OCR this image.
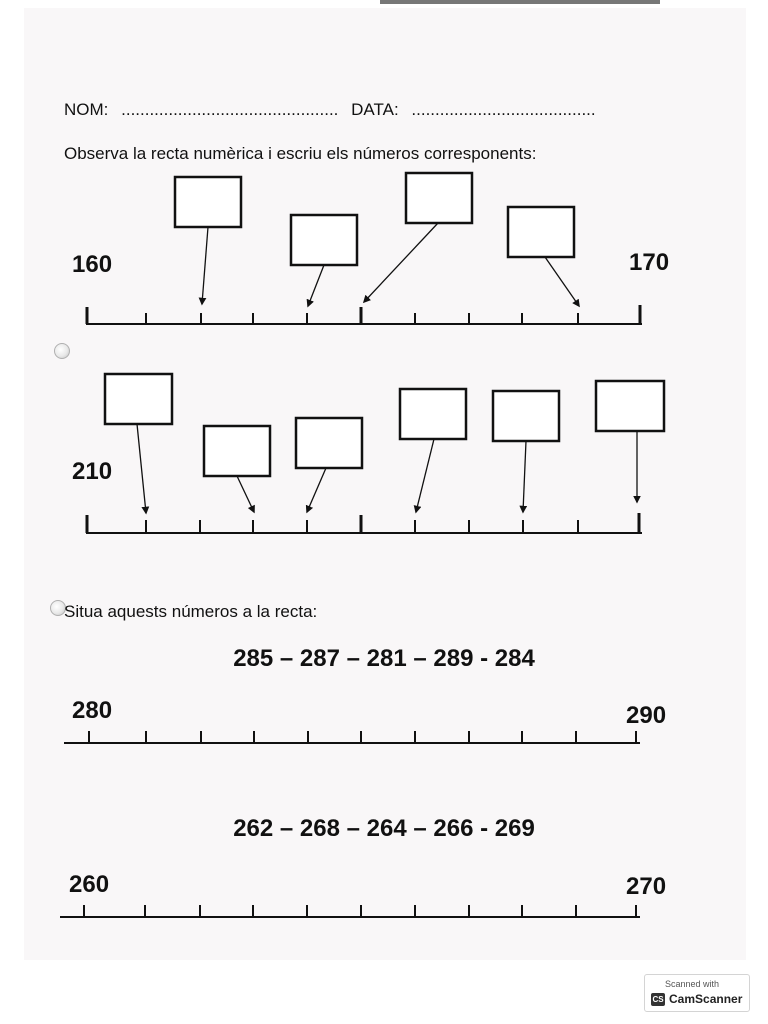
NOM: .............................................. DATA: .......................................
Observa la recta numèrica i escriu els números corresponents:
160	170
210
Situa aquests números a la recta:
285 – 287 – 281 – 289 - 284
280	290
262 – 268 – 264 – 266 - 269
260	270
Scanned with
CS CamScanner
